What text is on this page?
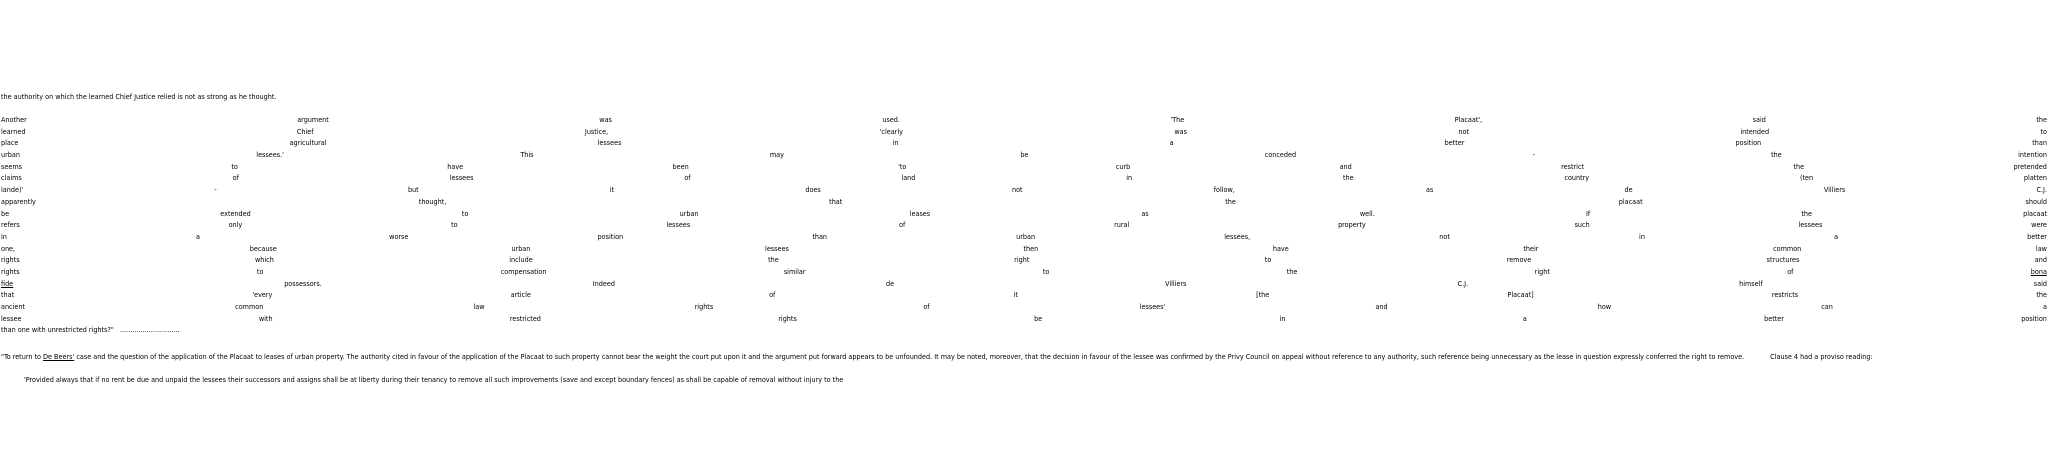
the authority on which the learned Chief Justice relied is not as strong as he thought.

Another	argument	was	used.	'The	Placaat',	said	the
learned	Chief	Justice,	'clearly	was	not	intended	to
place	agricultural	lessees	in	a	better	position	than
urban	lessees.'	This	may	be	conceded	-	the	intention
seems	to	have	been	'to	curb	and	restrict	the	pretended
claims	of	lessees	of	land	in	the	country	(ten	platten
lande)'	-	but	it	does	not	follow,	as	de	Villiers	C.J.
apparently	thought,	that	the	placaat	should
be	extended	to	urban	leases	as	well.	If	the	placaat
refers	only	to	lessees	of	rural	property	such	lessees	were
in	a	worse	position	than	urban	lessees,	not	in	a	better
one,	because	urban	lessees	then	have	their	common	law
rights	which	include	the	right	to	remove	structures	and
rights	to	compensation	similar	to	the	right	of	bona
fide	possessors.	Indeed	de	Villiers	C.J.	himself	said
that	'every	article	of	it	[the	Placaat]	restricts	the
ancient	common	law	rights	of	lessees'	and	how	can	a
lessee	with	restricted	rights	be	in	a	better	position
than one with unrestricted rights?"   .............................

"To return to De Beers' case and the question of the application of the Placaat to leases of urban property. The authority cited in favour of the application of the Placaat to such property cannot bear the weight the court put upon it and the argument put forward appears to be unfounded. It may be noted, moreover, that the decision in favour of the lessee was confirmed by the Privy Council on appeal without reference to any authority, such reference being unnecessary as the lease in question expressly conferred the right to remove.	Clause 4 had a proviso reading:

'Provided always that if no rent be due and unpaid the lessees their successors and assigns shall be at liberty during their tenancy to remove all such improvements (save and except boundary fences) as shall be capable of removal without injury to the
